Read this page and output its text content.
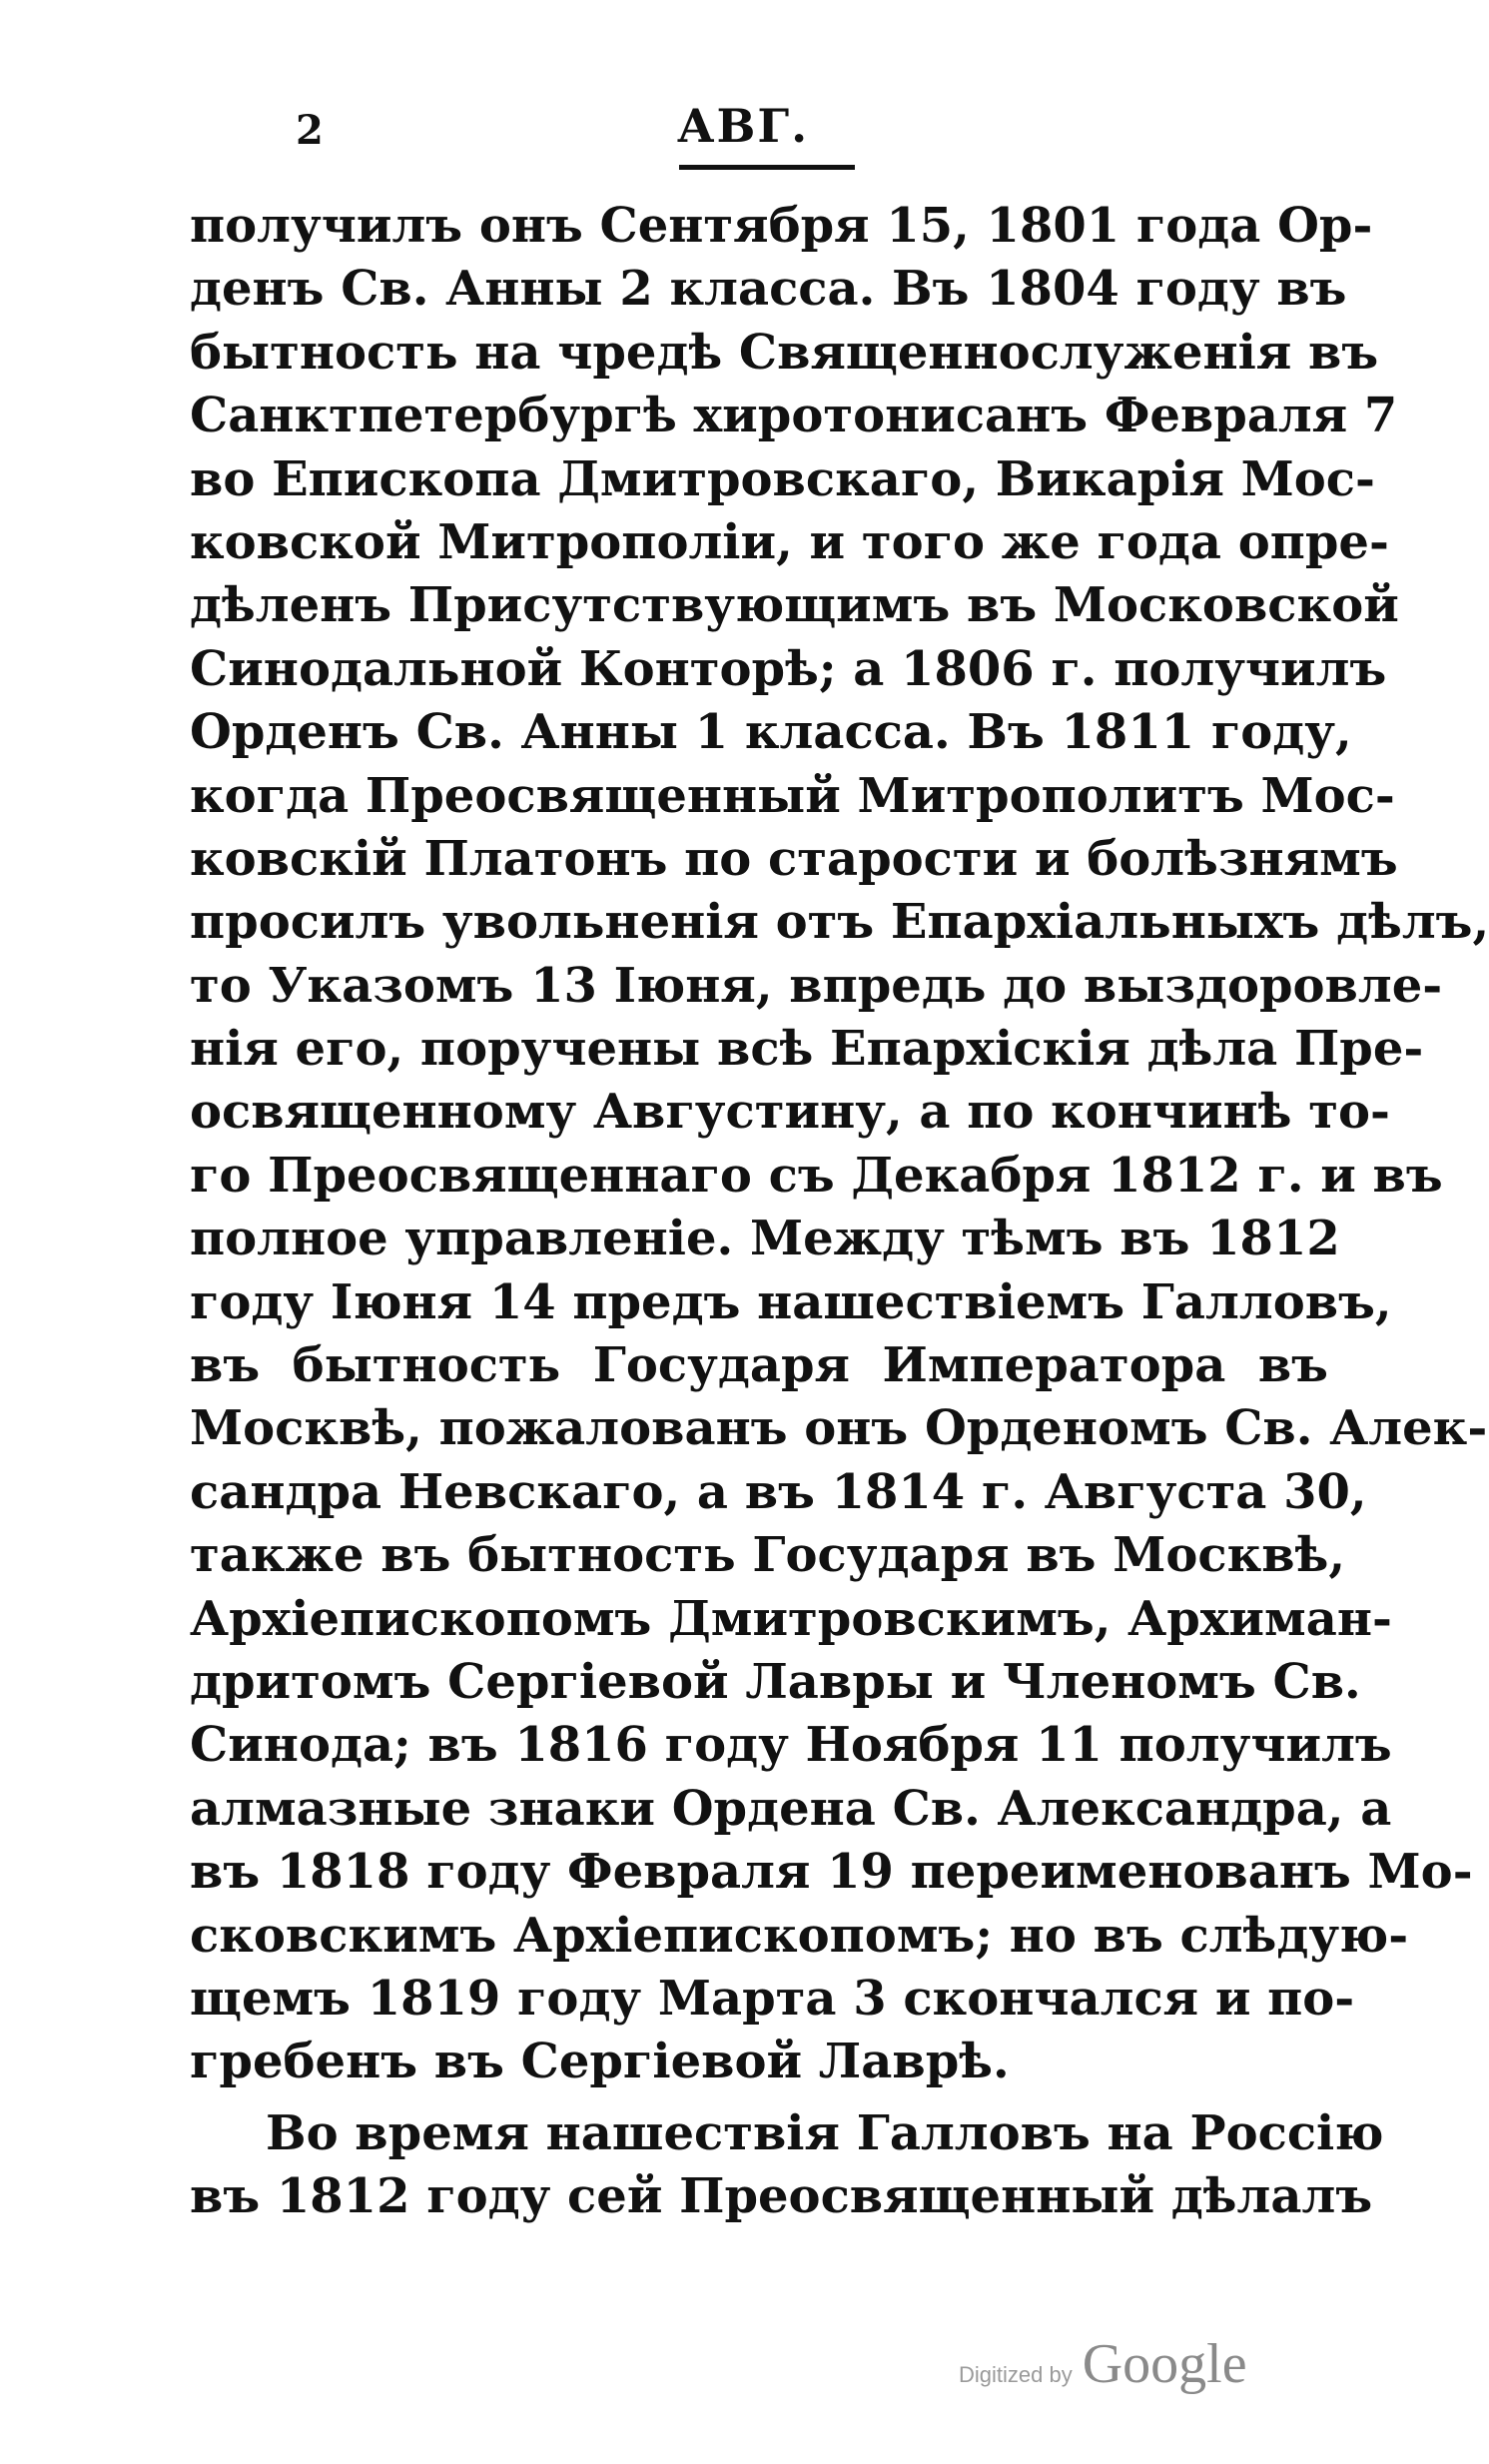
2	АВГ.
получилъ онъ Сентября 15, 1801 года Ор-
денъ Св. Анны 2 класса. Въ 1804 году въ
бытность на чредѣ Священнослуженія въ
Санктпетербургѣ хиротонисанъ Февраля 7
во Епископа Дмитровскаго, Викарія Мос-
ковской Митрополіи, и того же года опре-
дѣленъ Присутствующимъ въ Московской
Синодальной Конторѣ; а 1806 г. получилъ
Орденъ Св. Анны 1 класса. Въ 1811 году,
когда Преосвященный Митрополитъ Мос-
ковскій Платонъ по старости и болѣзнямъ
просилъ увольненія отъ Епархіальныхъ дѣлъ,
то Указомъ 13 Іюня, впредь до выздоровле-
нія его, поручены всѣ Епархіскія дѣла Пре-
освященному Августину, а по кончинѣ то-
го Преосвященнаго съ Декабря 1812 г. и въ
полное управленіе. Между тѣмъ въ 1812
году Іюня 14 предъ нашествіемъ Галловъ,
въ бытность Государя Императора въ
Москвѣ, пожалованъ онъ Орденомъ Св. Алек-
сандра Невскаго, а въ 1814 г. Августа 30,
также въ бытность Государя въ Москвѣ,
Архіепископомъ Дмитровскимъ, Архиман-
дритомъ Сергіевой Лавры и Членомъ Св.
Синода; въ 1816 году Ноября 11 получилъ
алмазные знаки Ордена Св. Александра, а
въ 1818 году Февраля 19 переименованъ Мо-
сковскимъ Архіепископомъ; но въ слѣдую-
щемъ 1819 году Марта 3 скончался и по-
гребенъ въ Сергіевой Лаврѣ.
Во время нашествія Галловъ на Россію
въ 1812 году сей Преосвященный дѣлалъ
Digitized by Google
